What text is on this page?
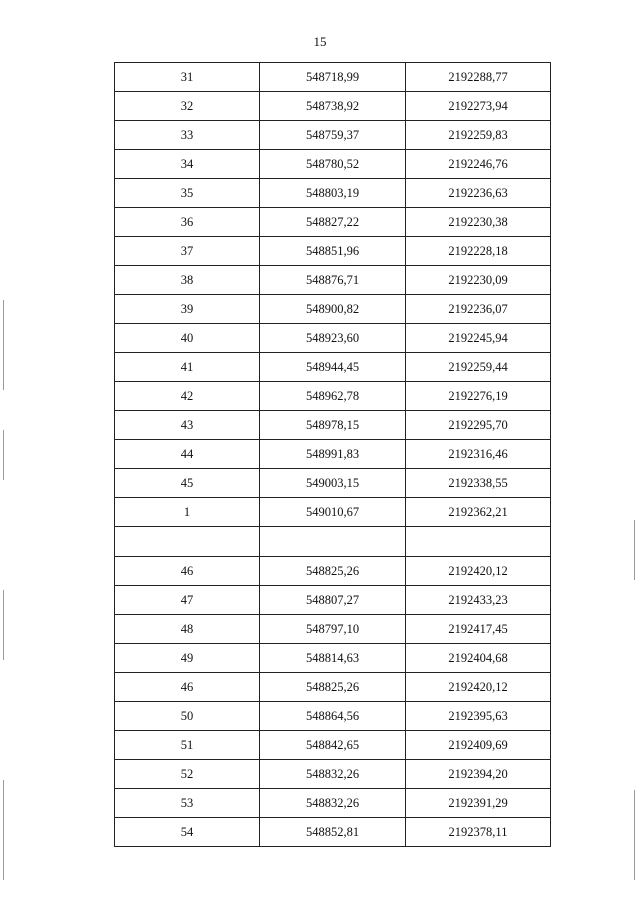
15
31	548718,99	2192288,77
32	548738,92	2192273,94
33	548759,37	2192259,83
34	548780,52	2192246,76
35	548803,19	2192236,63
36	548827,22	2192230,38
37	548851,96	2192228,18
38	548876,71	2192230,09
39	548900,82	2192236,07
40	548923,60	2192245,94
41	548944,45	2192259,44
42	548962,78	2192276,19
43	548978,15	2192295,70
44	548991,83	2192316,46
45	549003,15	2192338,55
1	549010,67	2192362,21

46	548825,26	2192420,12
47	548807,27	2192433,23
48	548797,10	2192417,45
49	548814,63	2192404,68
46	548825,26	2192420,12
50	548864,56	2192395,63
51	548842,65	2192409,69
52	548832,26	2192394,20
53	548832,26	2192391,29
54	548852,81	2192378,11
